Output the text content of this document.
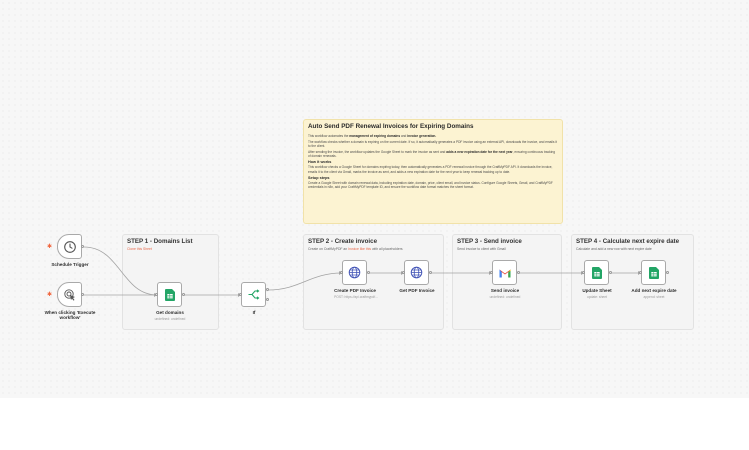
Auto Send PDF Renewal Invoices for Expiring Domains

This workflow automates the management of expiring domains and invoice generation.

The workflow checks whether a domain is expiring on the current date. If so, it automatically generates a PDF invoice using an external API, downloads the invoice, and emails it to the client.

After sending the invoice, the workflow updates the Google Sheet to mark the invoice as sent and adds a new expiration date for the next year, ensuring continuous tracking of domain renewals.

How it works

This workflow checks a Google Sheet for domains expiring today, then automatically generates a PDF renewal invoice through the CraftMyPDF API. It downloads the invoice, emails it to the client via Gmail, marks the invoice as sent, and adds a new expiration date for the next year to keep renewal tracking up to date.

Setup steps

Create a Google Sheet with domain renewal data, including expiration date, domain, price, client email, and invoice status. Configure Google Sheets, Gmail, and CraftMyPDF credentials in n8n, add your CraftMyPDF template ID, and ensure the workflow date format matches the sheet format.

STEP 1 - Domains List
Clone this Sheet
STEP 2 - Create invoice
Create on CraftMyPDF an Invoice like this with all placeholders
STEP 3 - Send invoice
Send invoice to client with Gmail
STEP 4 - Calculate next expire date
Calculate and add a new row with next expire date
✱
Schedule Trigger
✱
When clicking 'Execute workflow'
Get domains
undefined: undefined
If
Create PDF Invoice
POST: https://api.craftmypdf...
Get PDF Invoice	Send invoice
undefined: undefined
Update Sheet
update: sheet
Add next expire date
append: sheet
